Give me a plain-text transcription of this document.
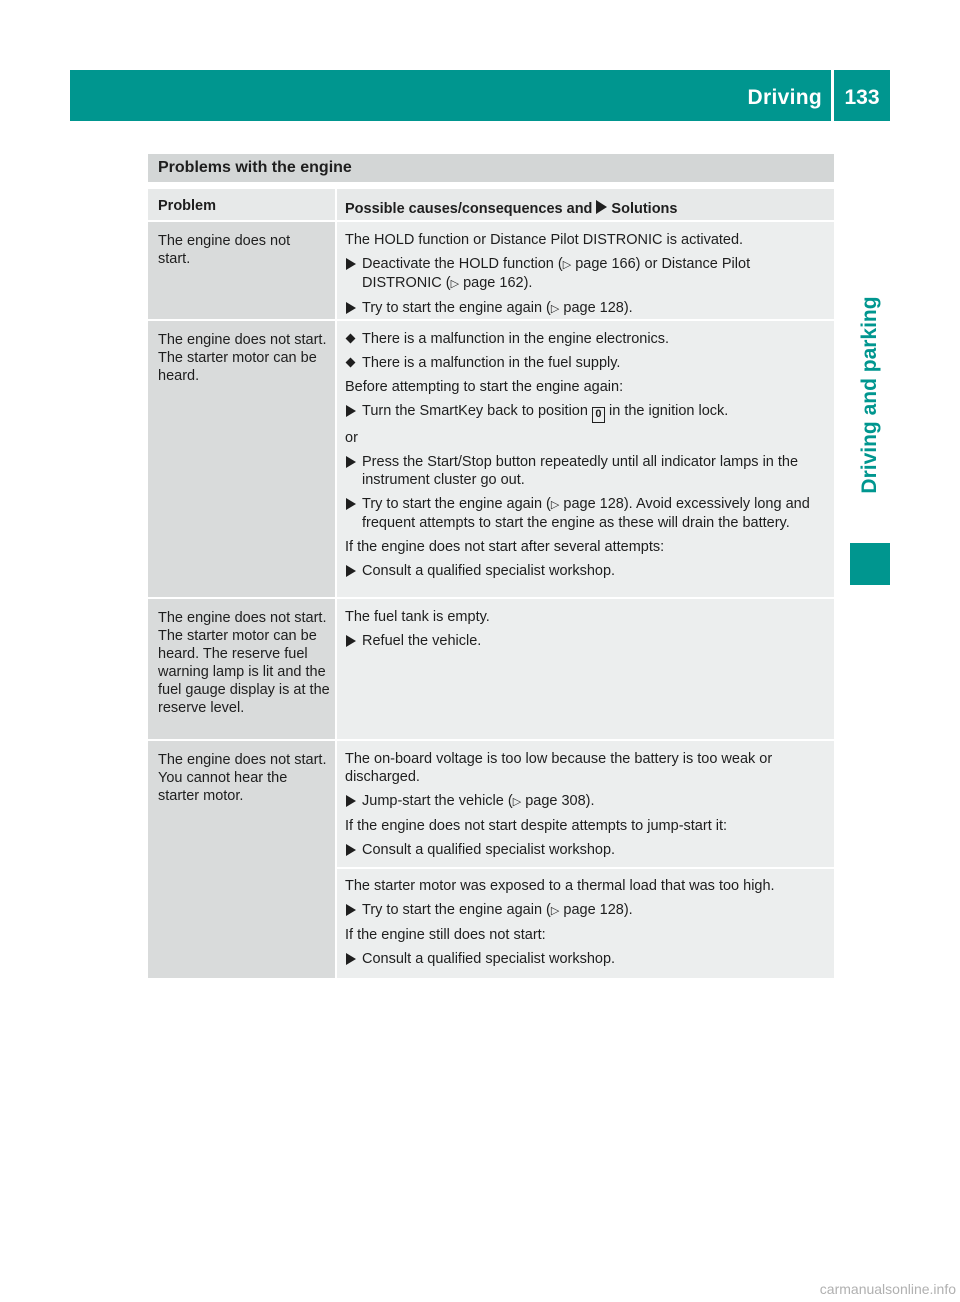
Driving	133
Driving and parking
Problems with the engine
Problem	Possible causes/consequences and Solutions
The engine does not start.
The HOLD function or Distance Pilot DISTRONIC is activated.
Deactivate the HOLD function (▷ page 166) or Distance Pilot DISTRONIC (▷ page 162).
Try to start the engine again (▷ page 128).
The engine does not start. The starter motor can be heard.
There is a malfunction in the engine electronics.
There is a malfunction in the fuel supply.
Before attempting to start the engine again:
Turn the SmartKey back to position 0 in the ignition lock.
or
Press the Start/Stop button repeatedly until all indicator lamps in the instrument cluster go out.
Try to start the engine again (▷ page 128). Avoid excessively long and frequent attempts to start the engine as these will drain the battery.
If the engine does not start after several attempts:
Consult a qualified specialist workshop.
The engine does not start. The starter motor can be heard. The reserve fuel warning lamp is lit and the fuel gauge display is at the reserve level.
The fuel tank is empty.
Refuel the vehicle.
The engine does not start. You cannot hear the starter motor.
The on-board voltage is too low because the battery is too weak or discharged.
Jump-start the vehicle (▷ page 308).
If the engine does not start despite attempts to jump-start it:
Consult a qualified specialist workshop.
The starter motor was exposed to a thermal load that was too high.
Try to start the engine again (▷ page 128).
If the engine still does not start:
Consult a qualified specialist workshop.
carmanualsonline.info
